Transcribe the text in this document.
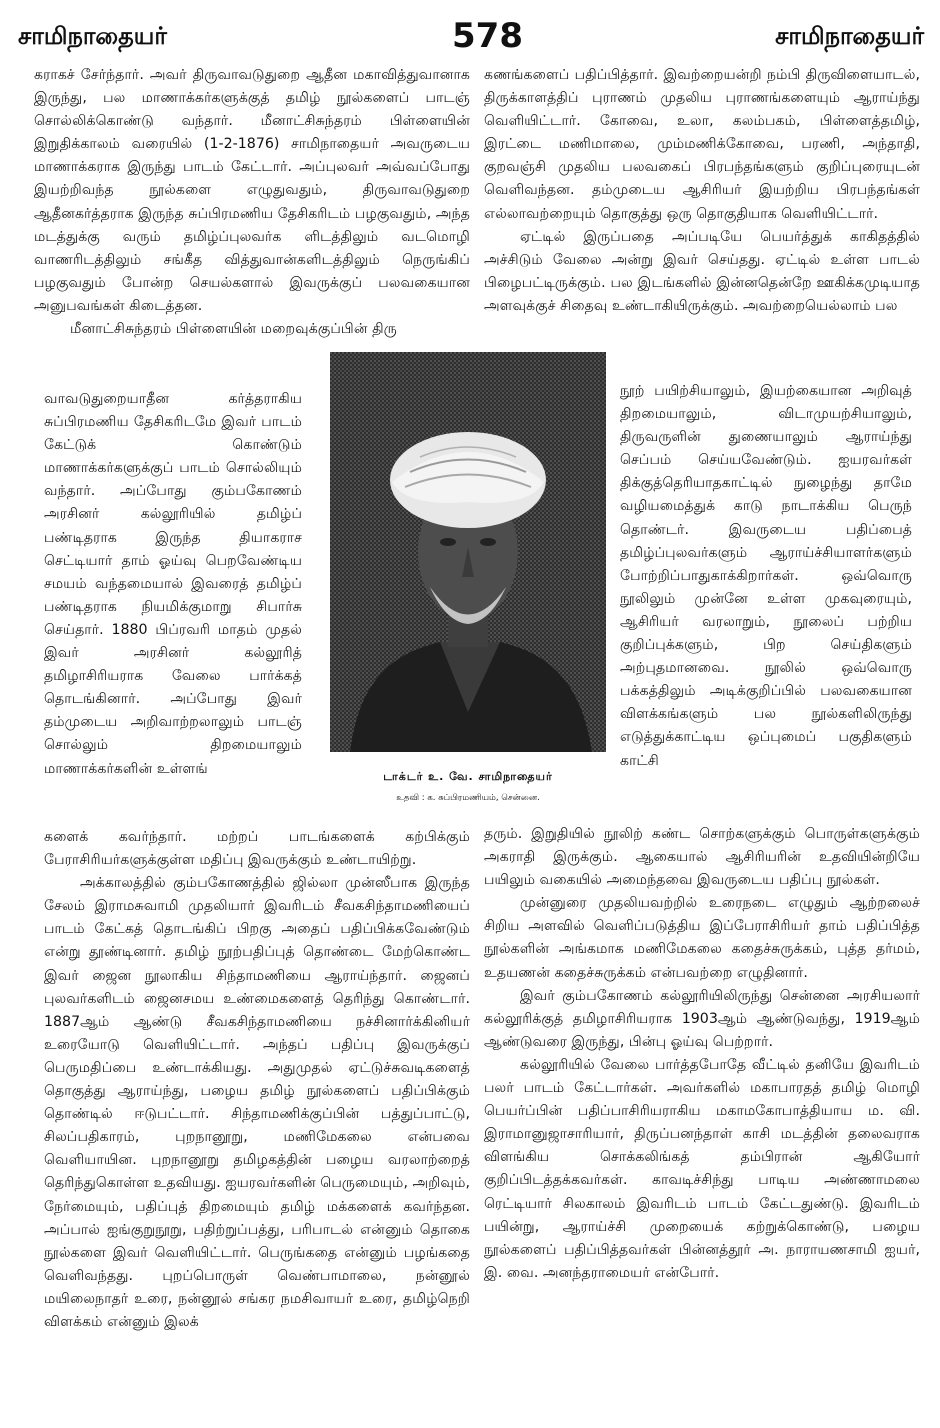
சாமிநாதையர்	578	சாமிநாதையர்

கராகச் சேர்ந்தார். அவர் திருவாவடுதுறை ஆதீன மகாவித்துவானாக இருந்து, பல மாணாக்கர்களுக்குத் தமிழ் நூல்களைப் பாடஞ் சொல்லிக்கொண்டு வந்தார். மீனாட்சிசுந்தரம் பிள்ளையின் இறுதிக்காலம் வரையில் (1-2-1876) சாமிநாதையர் அவருடைய மாணாக்கராக இருந்து பாடம் கேட்டார். அப்புலவர் அவ்வப்போது இயற்றிவந்த நூல்களை எழுதுவதும், திருவாவடுதுறை ஆதீனகர்த்தராக இருந்த சுப்பிரமணிய தேசிகரிடம் பழகுவதும், அந்த மடத்துக்கு வரும் தமிழ்ப்புலவர்க ளிடத்திலும் வடமொழி வாணரிடத்திலும் சங்கீத வித்துவான்களிடத்திலும் நெருங்கிப் பழகுவதும் போன்ற செயல்களால் இவருக்குப் பலவகையான அனுபவங்கள் கிடைத்தன.

மீனாட்சிசுந்தரம் பிள்ளையின் மறைவுக்குப்பின் திரு

வாவடுதுறையாதீன கர்த்தராகிய சுப்பிரமணிய தேசிகரிடமே இவர் பாடம் கேட்டுக் கொண்டும் மாணாக்கர்களுக்குப் பாடம் சொல்லியும் வந்தார். அப்போது கும்பகோணம் அரசினர் கல்லூரியில் தமிழ்ப் பண்டிதராக இருந்த தியாகராச செட்டியார் தாம் ஓய்வு பெறவேண்டிய சமயம் வந்தமையால் இவரைத் தமிழ்ப் பண்டிதராக நியமிக்குமாறு சிபார்சு செய்தார். 1880 பிப்ரவரி மாதம் முதல் இவர் அரசினர் கல்லூரித் தமிழாசிரியராக வேலை பார்க்கத் தொடங்கினார். அப்போது இவர் தம்முடைய அறிவாற்றலாலும் பாடஞ் சொல்லும் திறமையாலும் மாணாக்கர்களின் உள்ளங்

களைக் கவர்ந்தார். மற்றப் பாடங்களைக் கற்பிக்கும் பேராசிரியர்களுக்குள்ள மதிப்பு இவருக்கும் உண்டாயிற்று.

அக்காலத்தில் கும்பகோணத்தில் ஜில்லா முன்ஸீபாக இருந்த சேலம் இராமசுவாமி முதலியார் இவரிடம் சீவகசிந்தாமணியைப் பாடம் கேட்கத் தொடங்கிப் பிறகு அதைப் பதிப்பிக்கவேண்டும் என்று தூண்டினார். தமிழ் நூற்பதிப்புத் தொண்டை மேற்கொண்ட இவர் ஜைன நூலாகிய சிந்தாமணியை ஆராய்ந்தார். ஜைனப் புலவர்களிடம் ஜைனசமய உண்மைகளைத் தெரிந்து கொண்டார். 1887ஆம் ஆண்டு சீவகசிந்தாமணியை நச்சினார்க்கினியர் உரையோடு வெளியிட்டார். அந்தப் பதிப்பு இவருக்குப் பெருமதிப்பை உண்டாக்கியது. அதுமுதல் ஏட்டுச்சுவடிகளைத் தொகுத்து ஆராய்ந்து, பழைய தமிழ் நூல்களைப் பதிப்பிக்கும் தொண்டில் ஈடுபட்டார். சிந்தாமணிக்குப்பின் பத்துப்பாட்டு, சிலப்பதிகாரம், புறநானூறு, மணிமேகலை என்பவை வெளியாயின. புறநானூறு தமிழகத்தின் பழைய வரலாற்றைத் தெரிந்துகொள்ள உதவியது. ஐயரவர்களின் பெருமையும், அறிவும், நேர்மையும், பதிப்புத் திறமையும் தமிழ் மக்களைக் கவர்ந்தன. அப்பால் ஐங்குறுநூறு, பதிற்றுப்பத்து, பரிபாடல் என்னும் தொகை நூல்களை இவர் வெளியிட்டார். பெருங்கதை என்னும் பழங்கதை வெளிவந்தது. புறப்பொருள் வெண்பாமாலை, நன்னூல் மயிலைநாதர் உரை, நன்னூல் சங்கர நமசிவாயர் உரை, தமிழ்நெறி விளக்கம் என்னும் இலக்

டாக்டர் உ. வே. சாமிநாதையர்
உதவி : க. சுப்பிரமணியம், சென்னை.

கணங்களைப் பதிப்பித்தார். இவற்றையன்றி நம்பி திருவிளையாடல், திருக்காளத்திப் புராணம் முதலிய புராணங்களையும் ஆராய்ந்து வெளியிட்டார். கோவை, உலா, கலம்பகம், பிள்ளைத்தமிழ், இரட்டை மணிமாலை, மும்மணிக்கோவை, பரணி, அந்தாதி, குறவஞ்சி முதலிய பலவகைப் பிரபந்தங்களும் குறிப்புரையுடன் வெளிவந்தன. தம்முடைய ஆசிரியர் இயற்றிய பிரபந்தங்கள் எல்லாவற்றையும் தொகுத்து ஒரு தொகுதியாக வெளியிட்டார்.

ஏட்டில் இருப்பதை அப்படியே பெயர்த்துக் காகிதத்தில் அச்சிடும் வேலை அன்று இவர் செய்தது. ஏட்டில் உள்ள பாடல் பிழைபட்டிருக்கும். பல இடங்களில் இன்னதென்றே ஊகிக்கமுடியாத அளவுக்குச் சிதைவு உண்டாகியிருக்கும். அவற்றையெல்லாம் பல

நூற் பயிற்சியாலும், இயற்கையான அறிவுத் திறமையாலும், விடாமுயற்சியாலும், திருவருளின் துணையாலும் ஆராய்ந்து செப்பம் செய்யவேண்டும். ஐயரவர்கள் திக்குத்தெரியாதகாட்டில் நுழைந்து தாமே வழியமைத்துக் காடு நாடாக்கிய பெருந் தொண்டர். இவருடைய பதிப்பைத் தமிழ்ப்புலவர்களும் ஆராய்ச்சியாளர்களும் போற்றிப்பாதுகாக்கிறார்கள். ஒவ்வொரு நூலிலும் முன்னே உள்ள முகவுரையும், ஆசிரியர் வரலாறும், நூலைப் பற்றிய குறிப்புக்களும், பிற செய்திகளும் அற்புதமானவை. நூலில் ஒவ்வொரு பக்கத்திலும் அடிக்குறிப்பில் பலவகையான விளக்கங்களும் பல நூல்களிலிருந்து எடுத்துக்காட்டிய ஒப்புமைப் பகுதிகளும் காட்சி

தரும். இறுதியில் நூலிற் கண்ட சொற்களுக்கும் பொருள்களுக்கும் அகராதி இருக்கும். ஆகையால் ஆசிரியரின் உதவியின்றியே பயிலும் வகையில் அமைந்தவை இவருடைய பதிப்பு நூல்கள்.

முன்னுரை முதலியவற்றில் உரைநடை எழுதும் ஆற்றலைச் சிறிய அளவில் வெளிப்படுத்திய இப்பேராசிரியர் தாம் பதிப்பித்த நூல்களின் அங்கமாக மணிமேகலை கதைச்சுருக்கம், புத்த தர்மம், உதயணன் கதைச்சுருக்கம் என்பவற்றை எழுதினார்.

இவர் கும்பகோணம் கல்லூரியிலிருந்து சென்னை அரசியலார் கல்லூரிக்குத் தமிழாசிரியராக 1903ஆம் ஆண்டுவந்து, 1919ஆம் ஆண்டுவரை இருந்து, பின்பு ஓய்வு பெற்றார்.

கல்லூரியில் வேலை பார்த்தபோதே வீட்டில் தனியே இவரிடம் பலர் பாடம் கேட்டார்கள். அவர்களில் மகாபாரதத் தமிழ் மொழி பெயர்ப்பின் பதிப்பாசிரியராகிய மகாமகோபாத்தியாய ம. வி. இராமானுஜாசாரியார், திருப்பனந்தாள் காசி மடத்தின் தலைவராக விளங்கிய சொக்கலிங்கத் தம்பிரான் ஆகியோர் குறிப்பிடத்தக்கவர்கள். காவடிச்சிந்து பாடிய அண்ணாமலை ரெட்டியார் சிலகாலம் இவரிடம் பாடம் கேட்டதுண்டு. இவரிடம் பயின்று, ஆராய்ச்சி முறையைக் கற்றுக்கொண்டு, பழைய நூல்களைப் பதிப்பித்தவர்கள் பின்னத்தூர் அ. நாராயணசாமி ஐயர், இ. வை. அனந்தராமையர் என்போர்.
